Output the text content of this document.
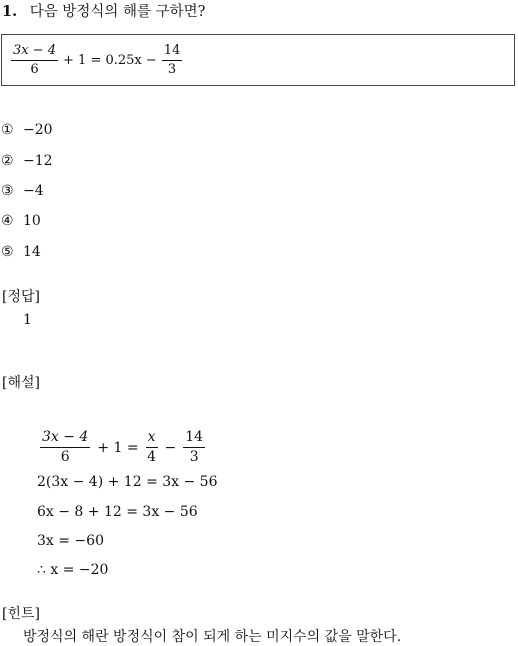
1. 다음 방정식의 해를 구하면?
$\frac{3x - 4}{6} + 1 = 0.25x - \frac{14}{3}$
① −20
② −12
③ −4
④ 10
⑤ 14
[정답]
1
[해설]
$\frac{3x - 4}{6} + 1 = \frac{x}{4} - \frac{14}{3}$
2(3x − 4) + 12 = 3x − 56
6x − 8 + 12 = 3x − 56
3x = −60
∴ x = −20
[힌트]
방정식의 해란 방정식이 참이 되게 하는 미지수의 값을 말한다.
